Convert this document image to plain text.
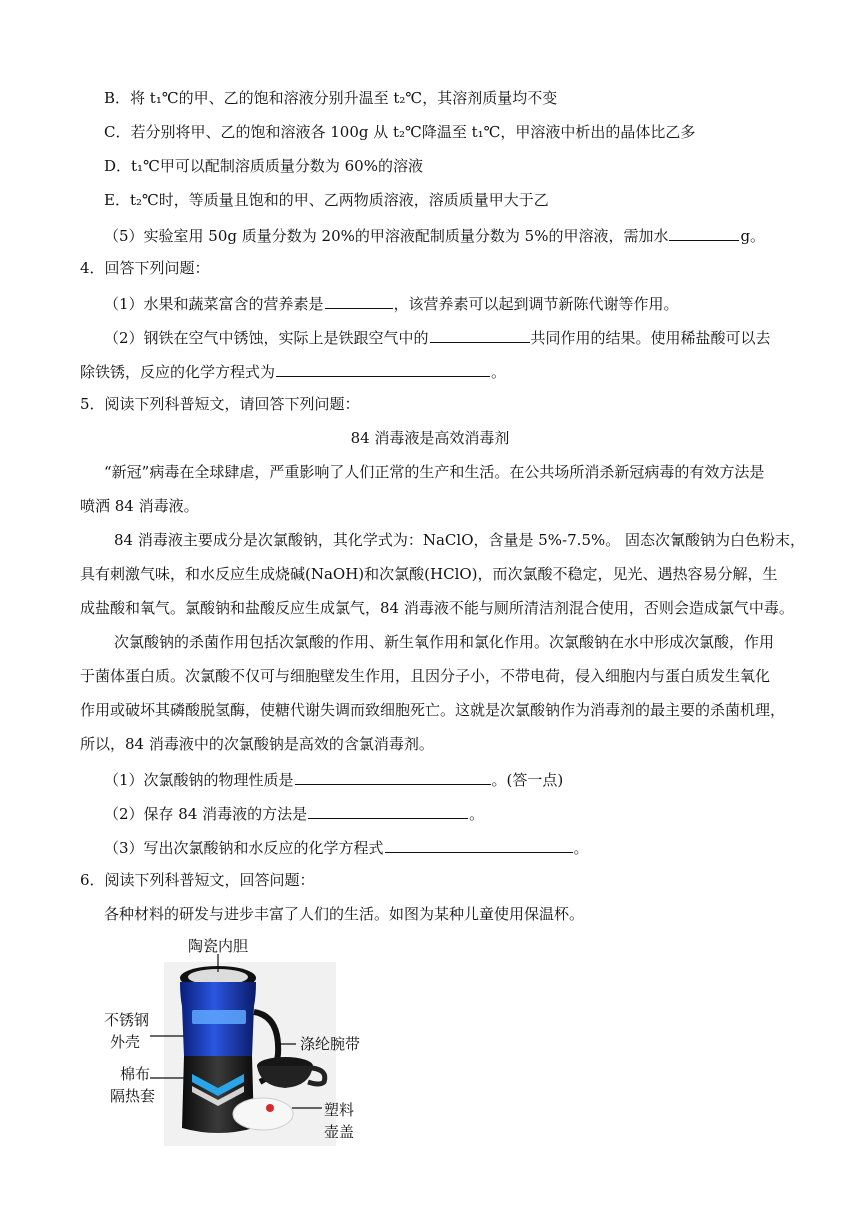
B．将 t₁℃的甲、乙的饱和溶液分别升温至 t₂℃，其溶剂质量均不变
C．若分别将甲、乙的饱和溶液各 100g 从 t₂℃降温至 t₁℃，甲溶液中析出的晶体比乙多
D．t₁℃甲可以配制溶质质量分数为 60%的溶液
E．t₂℃时，等质量且饱和的甲、乙两物质溶液，溶质质量甲大于乙
（5）实验室用 50g 质量分数为 20%的甲溶液配制质量分数为 5%的甲溶液，需加水	g。
4．回答下列问题：
（1）水果和蔬菜富含的营养素是	，该营养素可以起到调节新陈代谢等作用。
（2）钢铁在空气中锈蚀，实际上是铁跟空气中的	共同作用的结果。使用稀盐酸可以去
除铁锈，反应的化学方程式为	。
5．阅读下列科普短文，请回答下列问题：
84 消毒液是高效消毒剂
“新冠”病毒在全球肆虐，严重影响了人们正常的生产和生活。在公共场所消杀新冠病毒的有效方法是
喷洒 84 消毒液。
84 消毒液主要成分是次氯酸钠，其化学式为：NaClO，含量是 5%-7.5%。 固态次氰酸钠为白色粉末，
具有刺激气味，和水反应生成烧碱(NaOH)和次氯酸(HClO)，而次氯酸不稳定，见光、遇热容易分解，生
成盐酸和氧气。氯酸钠和盐酸反应生成氯气，84 消毒液不能与厕所清洁剂混合使用，否则会造成氯气中毒。
次氯酸钠的杀菌作用包括次氯酸的作用、新生氧作用和氯化作用。次氯酸钠在水中形成次氯酸，作用
于菌体蛋白质。次氯酸不仅可与细胞壁发生作用，且因分子小，不带电荷，侵入细胞内与蛋白质发生氧化
作用或破坏其磷酸脱氢酶，使糖代谢失调而致细胞死亡。这就是次氯酸钠作为消毒剂的最主要的杀菌机理，
所以，84 消毒液中的次氯酸钠是高效的含氯消毒剂。
（1）次氯酸钠的物理性质是	。(答一点)
（2）保存 84 消毒液的方法是	。
（3）写出次氯酸钠和水反应的化学方程式	。
6．阅读下列科普短文，回答问题：
各种材料的研发与进步丰富了人们的生活。如图为某种儿童使用保温杯。
陶瓷内胆
不锈钢
外壳	涤纶腕带
棉布
隔热套
塑料
壶盖
